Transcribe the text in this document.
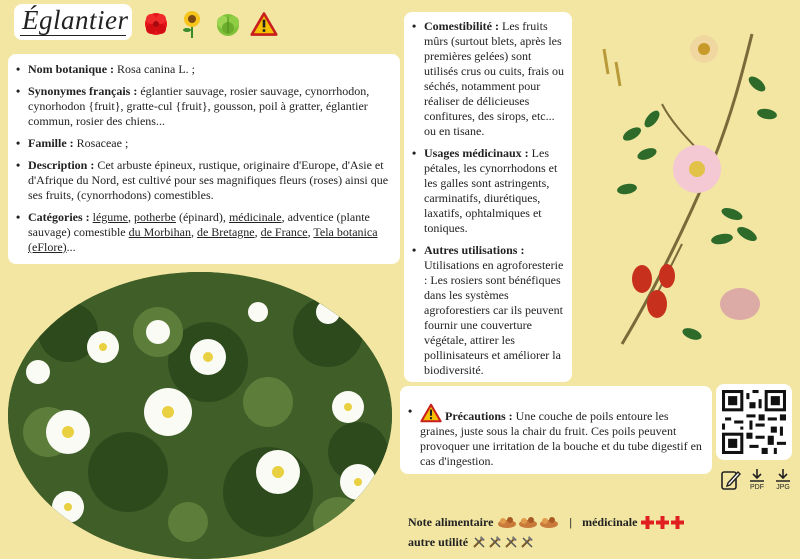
Églantier
• Nom botanique : Rosa canina L. ;
• Synonymes français : églantier sauvage, rosier sauvage, cynorrhodon, cynorhodon {fruit}, gratte-cul {fruit}, gousson, poil à gratter, églantier commun, rosier des chiens...
• Famille : Rosaceae ;
• Description : Cet arbuste épineux, rustique, originaire d'Europe, d'Asie et d'Afrique du Nord, est cultivé pour ses magnifiques fleurs (roses) ainsi que ses fruits, (cynorrhodons) comestibles.
• Catégories : légume, potherbe (épinard), médicinale, adventice (plante sauvage) comestible du Morbihan, de Bretagne, de France, Tela botanica (eFlore)...
• Comestibilité : Les fruits mûrs (surtout blets, après les premières gelées) sont utilisés crus ou cuits, frais ou séchés, notamment pour réaliser de délicieuses confitures, des sirops, etc... ou en tisane.
• Usages médicinaux : Les pétales, les cynorrhodons et les galles sont astringents, carminatifs, diurétiques, laxatifs, ophtalmiques et toniques.
• Autres utilisations : Utilisations en agroforesterie : Les rosiers sont bénéfiques dans les systèmes agroforestiers car ils peuvent fournir une couverture végétale, attirer les pollinisateurs et améliorer la biodiversité.
• Précautions : Une couche de poils entoure les graines, juste sous la chair du fruit. Ces poils peuvent provoquer une irritation de la bouche et du tube digestif en cas d'ingestion.
PDF JPG
Note alimentaire	| médicinale
autre utilité
